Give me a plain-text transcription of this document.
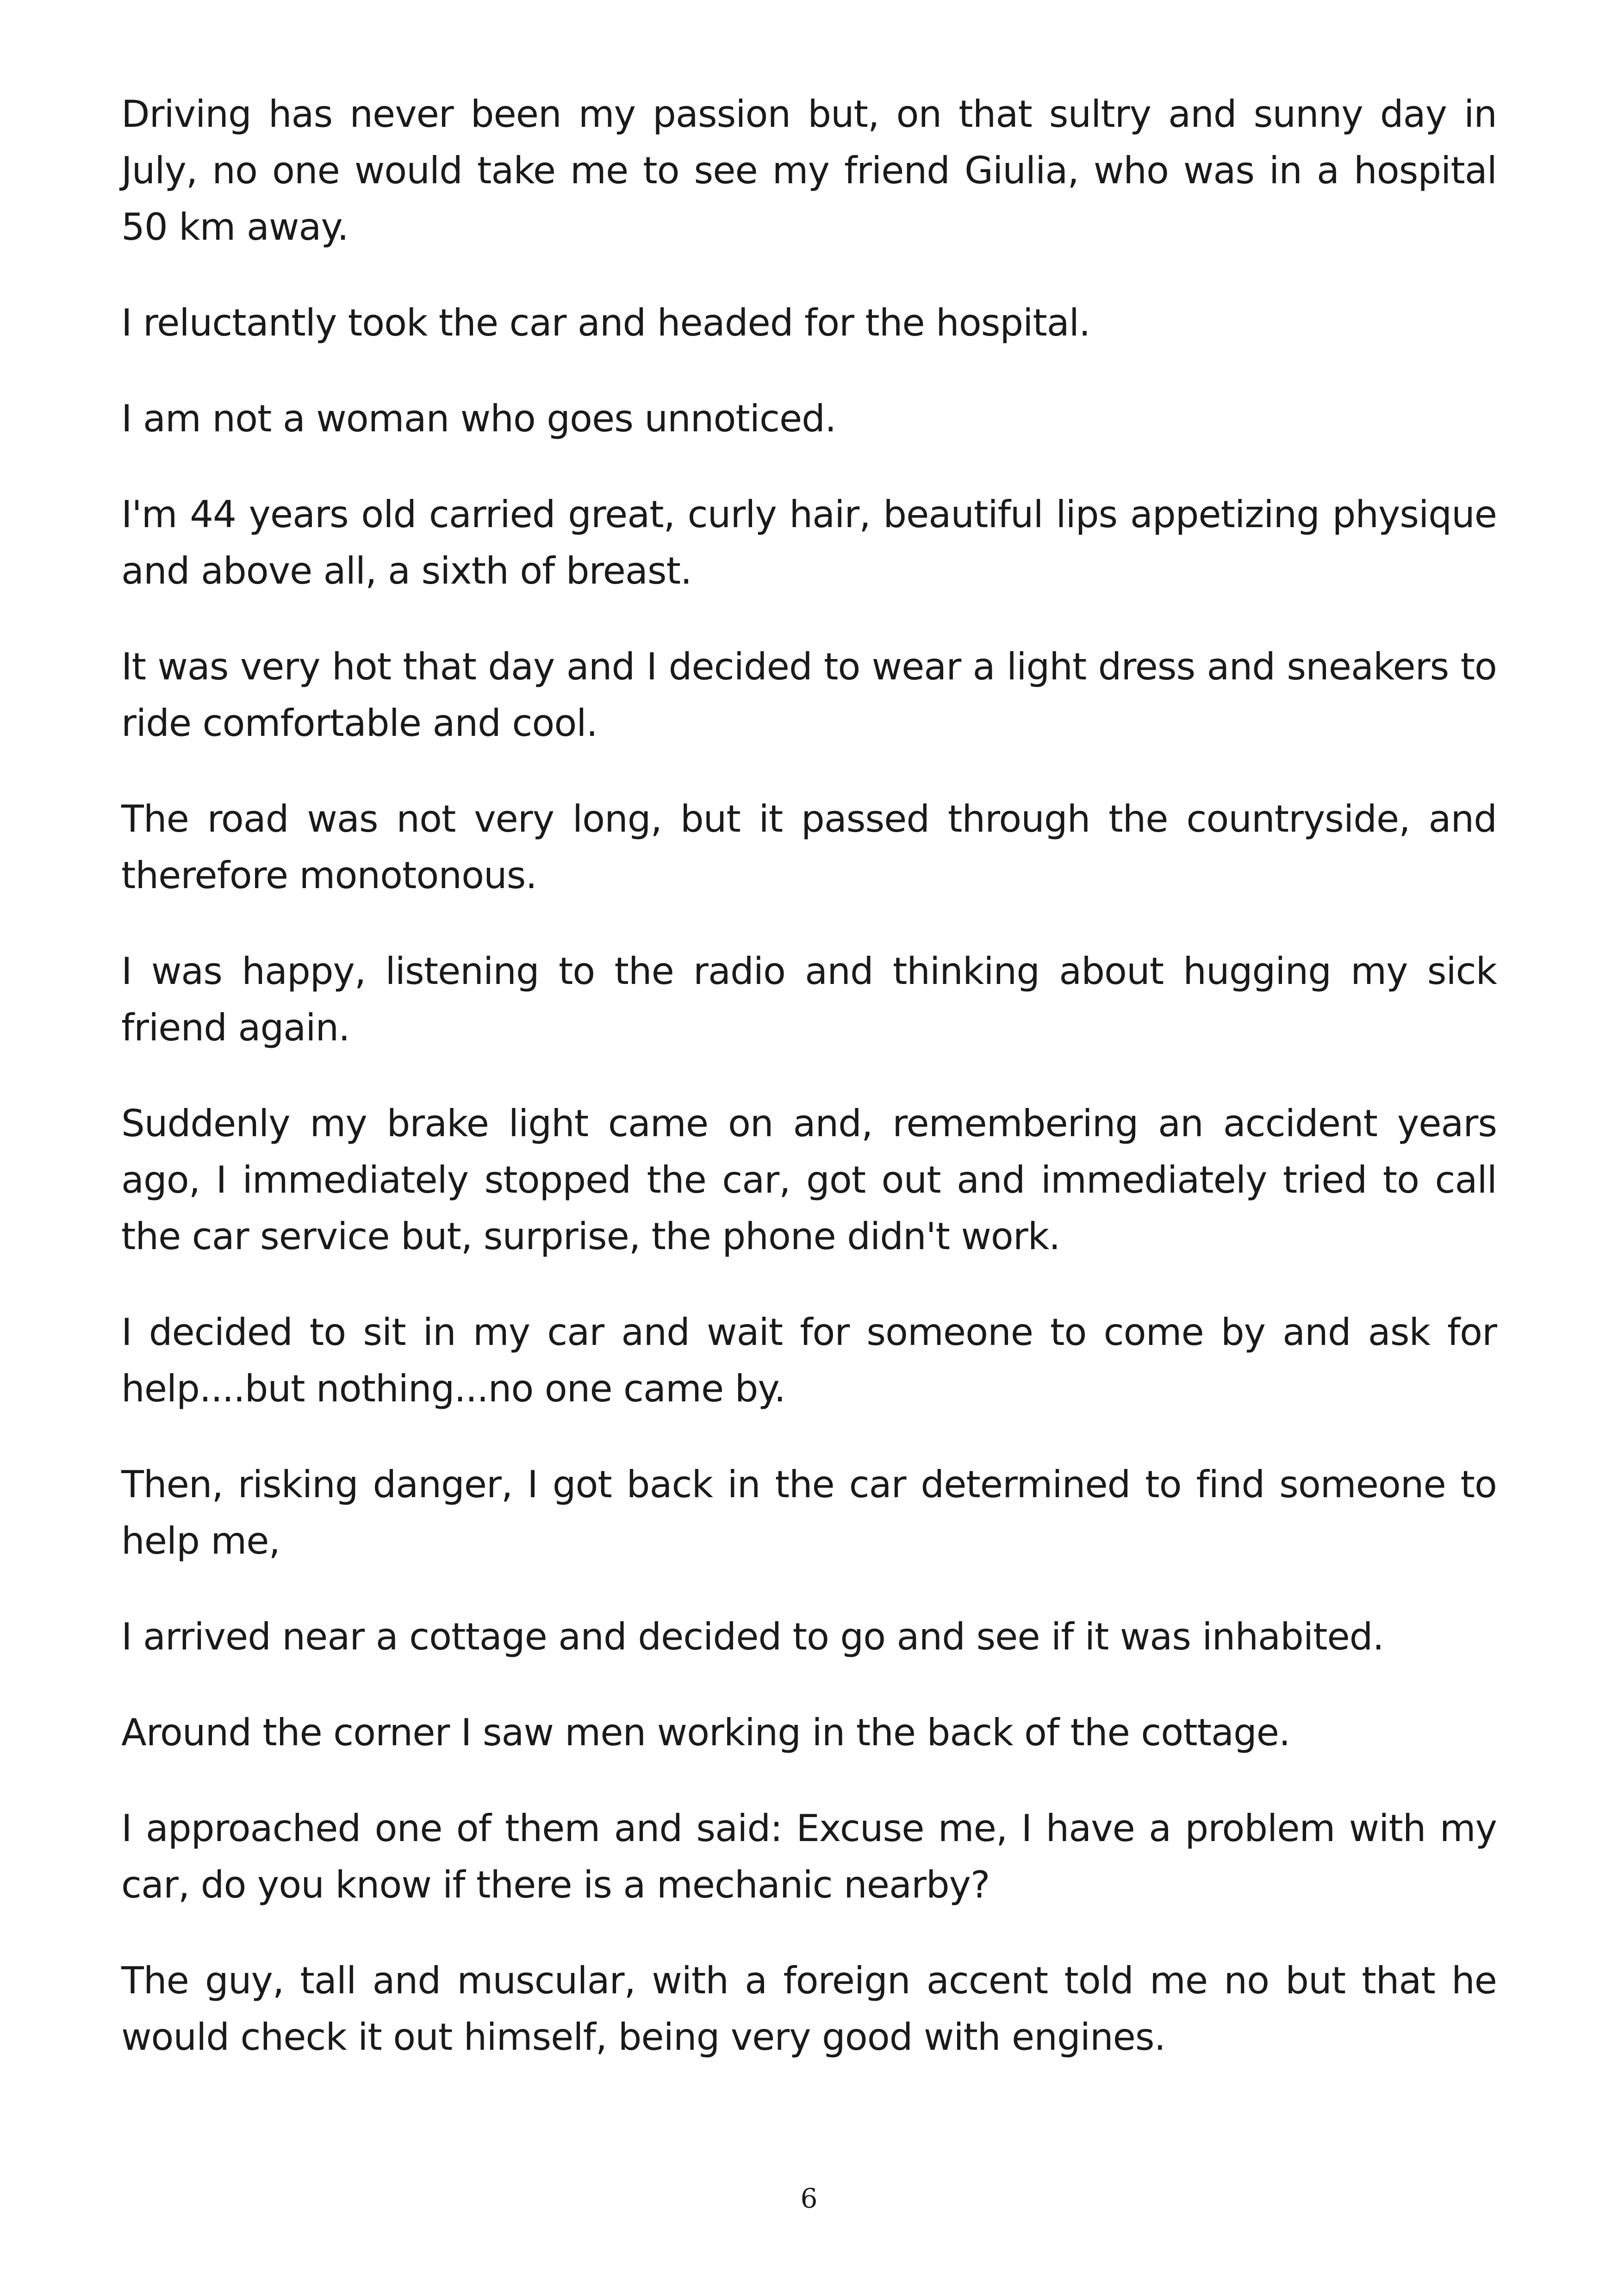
Driving has never been my passion but, on that sultry and sunny day in July, no one would take me to see my friend Giulia, who was in a hospital 50 km away.

I reluctantly took the car and headed for the hospital.

I am not a woman who goes unnoticed.

I'm 44 years old carried great, curly hair, beautiful lips appetizing physique and above all, a sixth of breast.

It was very hot that day and I decided to wear a light dress and sneakers to ride comfortable and cool.

The road was not very long, but it passed through the countryside, and therefore monotonous.

I was happy, listening to the radio and thinking about hugging my sick friend again.

Suddenly my brake light came on and, remembering an accident years ago, I immediately stopped the car, got out and immediately tried to call the car service but, surprise, the phone didn't work.

I decided to sit in my car and wait for someone to come by and ask for help....but nothing...no one came by.

Then, risking danger, I got back in the car determined to find someone to help me,

I arrived near a cottage and decided to go and see if it was inhabited.

Around the corner I saw men working in the back of the cottage.

I approached one of them and said: Excuse me, I have a problem with my car, do you know if there is a mechanic nearby?

The guy, tall and muscular, with a foreign accent told me no but that he would check it out himself, being very good with engines.

6
